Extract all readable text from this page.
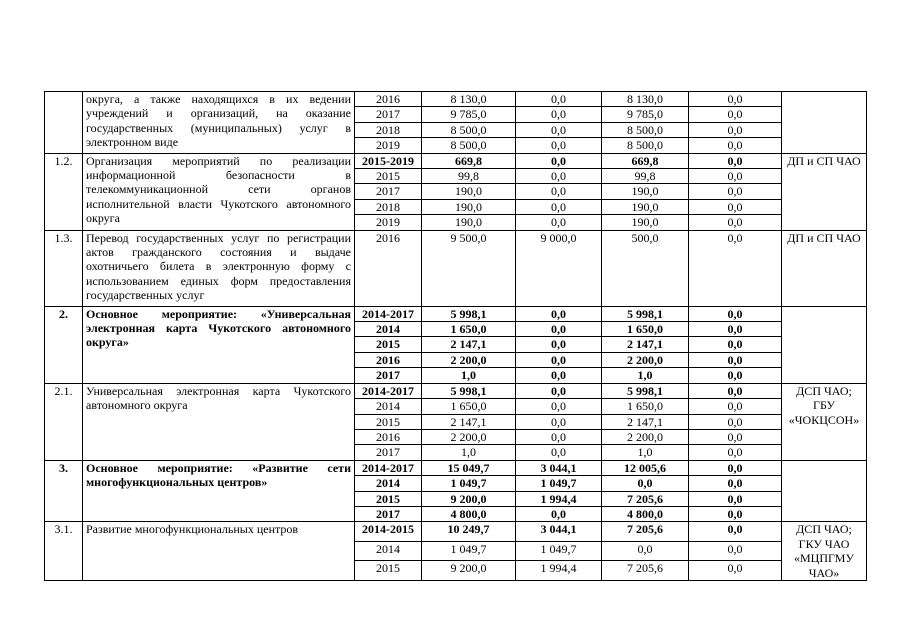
	округа, а также находящихся в их ведении учреждений и организаций, на оказание государственных (муниципальных) услуг в электронном виде	2016	8 130,0	0,0	8 130,0	0,0	
		2017	9 785,0	0,0	9 785,0	0,0	
		2018	8 500,0	0,0	8 500,0	0,0	
		2019	8 500,0	0,0	8 500,0	0,0	
1.2.	Организация мероприятий по реализации информационной безопасности в телекоммуникационной сети органов исполнительной власти Чукотского автономного округа	2015-2019	669,8	0,0	669,8	0,0	ДП и СП ЧАО
		2015	99,8	0,0	99,8	0,0	
		2017	190,0	0,0	190,0	0,0	
		2018	190,0	0,0	190,0	0,0	
		2019	190,0	0,0	190,0	0,0	
1.3.	Перевод государственных услуг по регистрации актов гражданского состояния и выдаче охотничьего билета в электронную форму с использованием единых форм предоставления государственных услуг	2016	9 500,0	9 000,0	500,0	0,0	ДП и СП ЧАО
2.	Основное мероприятие: «Универсальная электронная карта Чукотского автономного округа»	2014-2017	5 998,1	0,0	5 998,1	0,0	
		2014	1 650,0	0,0	1 650,0	0,0	
		2015	2 147,1	0,0	2 147,1	0,0	
		2016	2 200,0	0,0	2 200,0	0,0	
		2017	1,0	0,0	1,0	0,0	
2.1.	Универсальная электронная карта Чукотского автономного округа	2014-2017	5 998,1	0,0	5 998,1	0,0	ДСП ЧАО; ГБУ «ЧОКЦСОН»
		2014	1 650,0	0,0	1 650,0	0,0	
		2015	2 147,1	0,0	2 147,1	0,0	
		2016	2 200,0	0,0	2 200,0	0,0	
		2017	1,0	0,0	1,0	0,0	
3.	Основное мероприятие: «Развитие сети многофункциональных центров»	2014-2017	15 049,7	3 044,1	12 005,6	0,0	
		2014	1 049,7	1 049,7	0,0	0,0	
		2015	9 200,0	1 994,4	7 205,6	0,0	
		2017	4 800,0	0,0	4 800,0	0,0	
3.1.	Развитие многофункциональных центров	2014-2015	10 249,7	3 044,1	7 205,6	0,0	ДСП ЧАО; ГКУ ЧАО «МЦПГМУ ЧАО»
		2014	1 049,7	1 049,7	0,0	0,0	
		2015	9 200,0	1 994,4	7 205,6	0,0	
